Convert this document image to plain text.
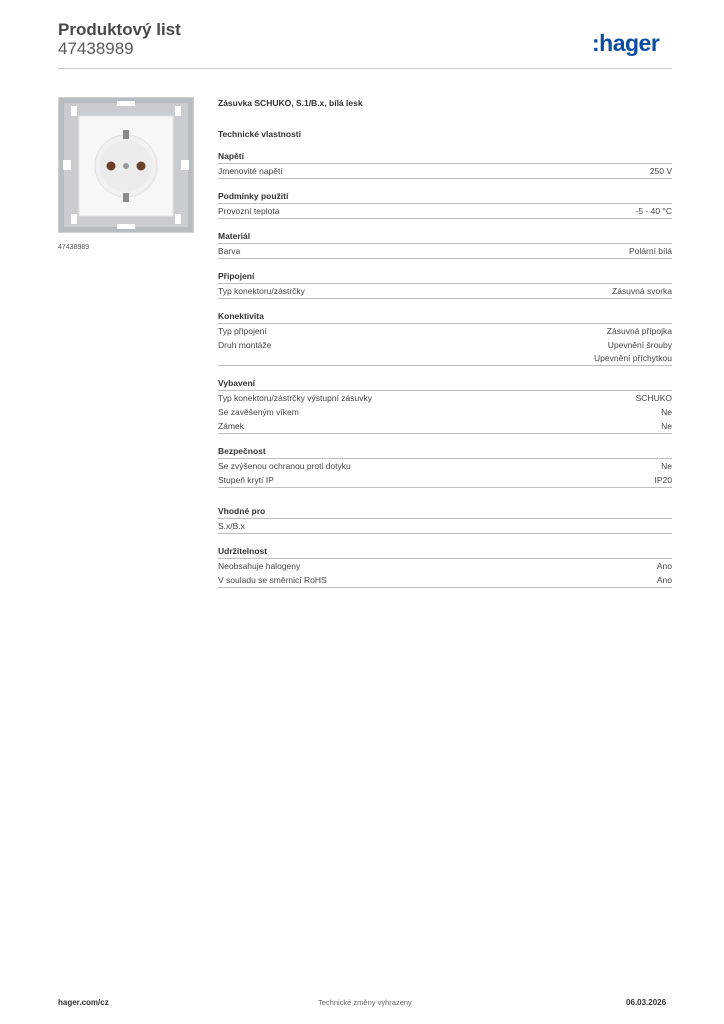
Produktový list
47438989	:hager
47438989
Zásuvka SCHUKO, S.1/B.x, bílá lesk
Technické vlastnosti
Napětí
Jmenovité napětí	250 V
Podmínky použití
Provozní teplota	-5 - 40 °C
Materiál
Barva	Polární bílá
Připojení
Typ konektoru/zástrčky	Zásuvná svorka
Konektivita
Typ připojení	Zásuvná přípojka
Druh montáže	Upevnění šrouby
Upevnění příchytkou
Vybavení
Typ konektoru/zástrčky výstupní zásuvky	SCHUKO
Se zavěšeným víkem	Ne
Zámek	Ne
Bezpečnost
Se zvýšenou ochranou proti dotyku	Ne
Stupeň krytí IP	IP20
Vhodné pro
S.x/B.x
Udržitelnost
Neobsahuje halogeny	Ano
V souladu se směrnicí RoHS	Ano
hager.com/cz	Technické změny vyhrazeny	06.03.2026
